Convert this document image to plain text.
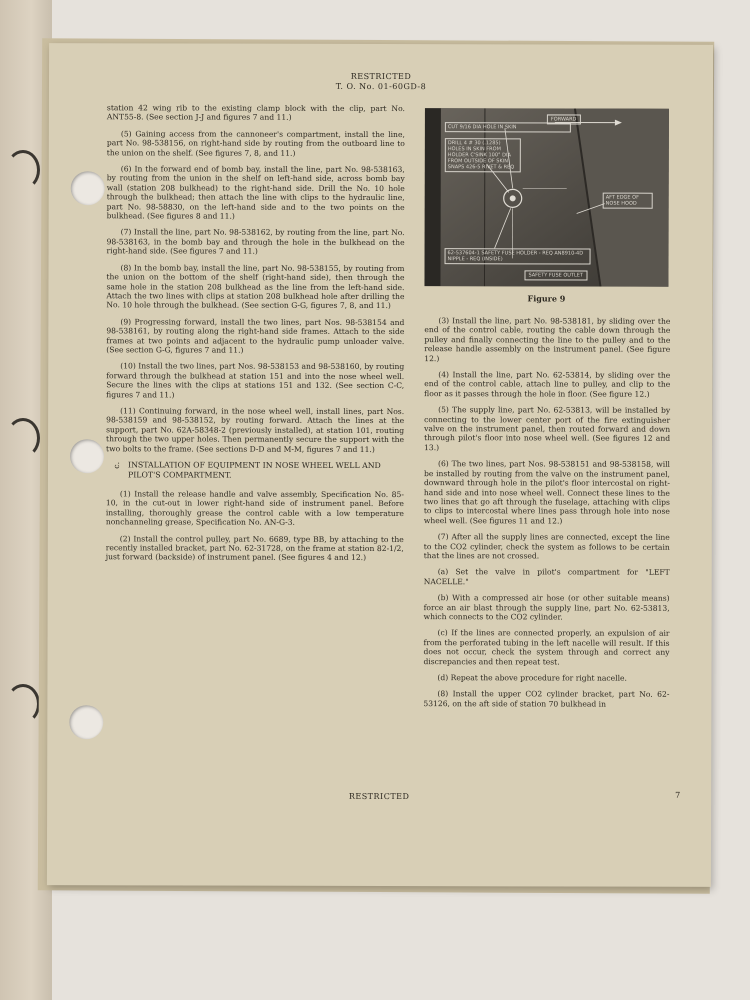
RESTRICTED
T. O. No. 01-60GD-8

station 42 wing rib to the existing clamp block with the clip, part No. ANT55-8. (See section J-J and figures 7 and 11.)

(5) Gaining access from the cannoneer's compartment, install the line, part No. 98-538156, on right-hand side by routing from the outboard line to the union on the shelf. (See figures 7, 8, and 11.)

(6) In the forward end of bomb bay, install the line, part No. 98-538163, by routing from the union in the shelf on left-hand side, across bomb bay wall (station 208 bulkhead) to the right-hand side. Drill the No. 10 hole through the bulkhead; then attach the line with clips to the hydraulic line, part No. 98-58830, on the left-hand side and to the two points on the bulkhead. (See figures 8 and 11.)

(7) Install the line, part No. 98-538162, by routing from the line, part No. 98-538163, in the bomb bay and through the hole in the bulkhead on the right-hand side. (See figures 7 and 11.)

(8) In the bomb bay, install the line, part No. 98-538155, by routing from the union on the bottom of the shelf (right-hand side), then through the same hole in the station 208 bulkhead as the line from the left-hand side. Attach the two lines with clips at station 208 bulkhead hole after drilling the No. 10 hole through the bulkhead. (See section G-G, figures 7, 8, and 11.)

(9) Progressing forward, install the two lines, part Nos. 98-538154 and 98-538161, by routing along the right-hand side frames. Attach to the side frames at two points and adjacent to the hydraulic pump unloader valve. (See section G-G, figures 7 and 11.)

(10) Install the two lines, part Nos. 98-538153 and 98-538160, by routing forward through the bulkhead at station 151 and into the nose wheel well. Secure the lines with the clips at stations 151 and 132. (See section C-C, figures 7 and 11.)

(11) Continuing forward, in the nose wheel well, install lines, part Nos. 98-538159 and 98-538152, by routing forward. Attach the lines at the support, part No. 62A-58348-2 (previously installed), at station 101, routing through the two upper holes. Then permanently secure the support with the two bolts to the frame. (See sections D-D and M-M, figures 7 and 11.)

c. INSTALLATION OF EQUIPMENT IN NOSE WHEEL WELL AND PILOT'S COMPARTMENT.

(1) Install the release handle and valve assembly, Specification No. 85-10, in the cut-out in lower right-hand side of instrument panel. Before installing, thoroughly grease the control cable with a low temperature nonchanneling grease, Specification No. AN-G-3.

(2) Install the control pulley, part No. 6689, type BB, by attaching to the recently installed bracket, part No. 62-31728, on the frame at station 82-1/2, just forward (backside) of instrument panel. (See figures 4 and 12.)

FORWARD
CUT 9/16 DIA HOLE IN SKIN
DRILL 4 # 30 (.1285) HOLES IN SKIN FROM HOLDER C'SINK 100° DIA FROM OUTSIDE OF SKIN SNAPS 426-5 RIVET & REQ
AFT EDGE OF NOSE HOOD
62-537604-1 SAFETY FUSE HOLDER - REQ AN8910-4D NIPPLE - REQ (INSIDE)
SAFETY FUSE OUTLET
Figure 9

(3) Install the line, part No. 98-538181, by sliding over the end of the control cable, routing the cable down through the pulley and finally connecting the line to the pulley and to the release handle assembly on the instrument panel. (See figure 12.)

(4) Install the line, part No. 62-53814, by sliding over the end of the control cable, attach line to pulley, and clip to the floor as it passes through the hole in floor. (See figure 12.)

(5) The supply line, part No. 62-53813, will be installed by connecting to the lower center port of the fire extinguisher valve on the instrument panel, then routed forward and down through pilot's floor into nose wheel well. (See figures 12 and 13.)

(6) The two lines, part Nos. 98-538151 and 98-538158, will be installed by routing from the valve on the instrument panel, downward through hole in the pilot's floor intercostal on right-hand side and into nose wheel well. Connect these lines to the two lines that go aft through the fuselage, attaching with clips to clips to intercostal where lines pass through hole into nose wheel well. (See figures 11 and 12.)

(7) After all the supply lines are connected, except the line to the CO2 cylinder, check the system as follows to be certain that the lines are not crossed.

(a) Set the valve in pilot's compartment for "LEFT NACELLE."

(b) With a compressed air hose (or other suitable means) force an air blast through the supply line, part No. 62-53813, which connects to the CO2 cylinder.

(c) If the lines are connected properly, an expulsion of air from the perforated tubing in the left nacelle will result. If this does not occur, check the system through and correct any discrepancies and then repeat test.

(d) Repeat the above procedure for right nacelle.

(8) Install the upper CO2 cylinder bracket, part No. 62-53126, on the aft side of station 70 bulkhead in

RESTRICTED	7
